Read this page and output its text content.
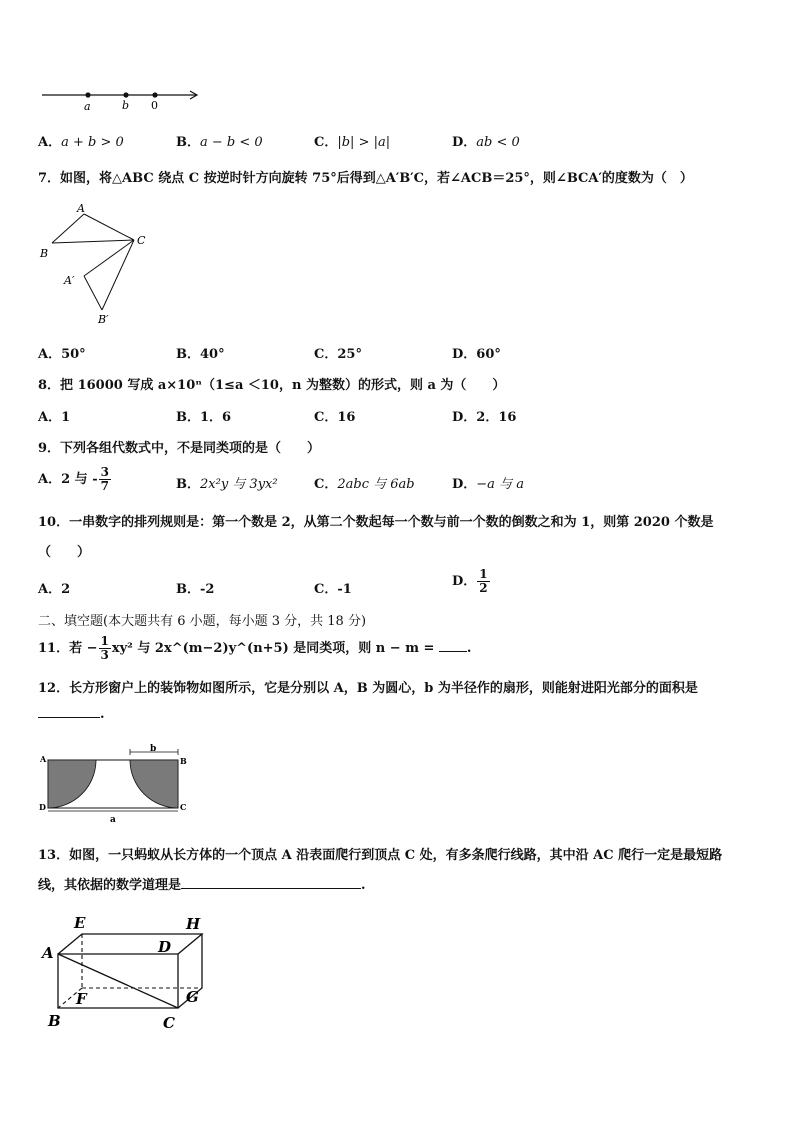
a	b 0
A．a + b > 0	B．a − b < 0	C．|b| > |a|	D．ab < 0
7．如图，将△ABC 绕点 C 按逆时针方向旋转 75°后得到△A′B′C，若∠ACB＝25°，则∠BCA′的度数为（　）
A
B
C
A′
B′
A．50°	B．40°	C．25°	D．60°
8．把 16000 写成 a×10ⁿ（1≤a ＜10，n 为整数）的形式，则 a 为（　　）
A．1	B．1．6	C．16	D．2．16
9．下列各组代数式中，不是同类项的是（　　）
A．2 与 - $\frac{3}{7}$	B．2x²y 与 3yx²	C．2abc 与 6ab	D．−a 与 a
10．一串数字的排列规则是：第一个数是 2，从第二个数起每一个数与前一个数的倒数之和为 1，则第 2020 个数是
（　　）
A．2	B．-2	C．-1
D． $\frac{1}{2}$
二、填空题(本大题共有 6 小题，每小题 3 分，共 18 分)
11．若 − $\frac{1}{3} xy^2$ 与 2x^(m−2)y^(n+5) 是同类项，则 n − m =	.
12．长方形窗户上的装饰物如图所示，它是分别以 A，B 为圆心，b 为半径作的扇形，则能射进阳光部分的面积是
.
b
a
A	B
C
D
13．如图，一只蚂蚁从长方体的一个顶点 A 沿表面爬行到顶点 C 处，有多条爬行线路，其中沿 AC 爬行一定是最短路
线，其依据的数学道理是	.
A
E	H
D
F	G
B	C
